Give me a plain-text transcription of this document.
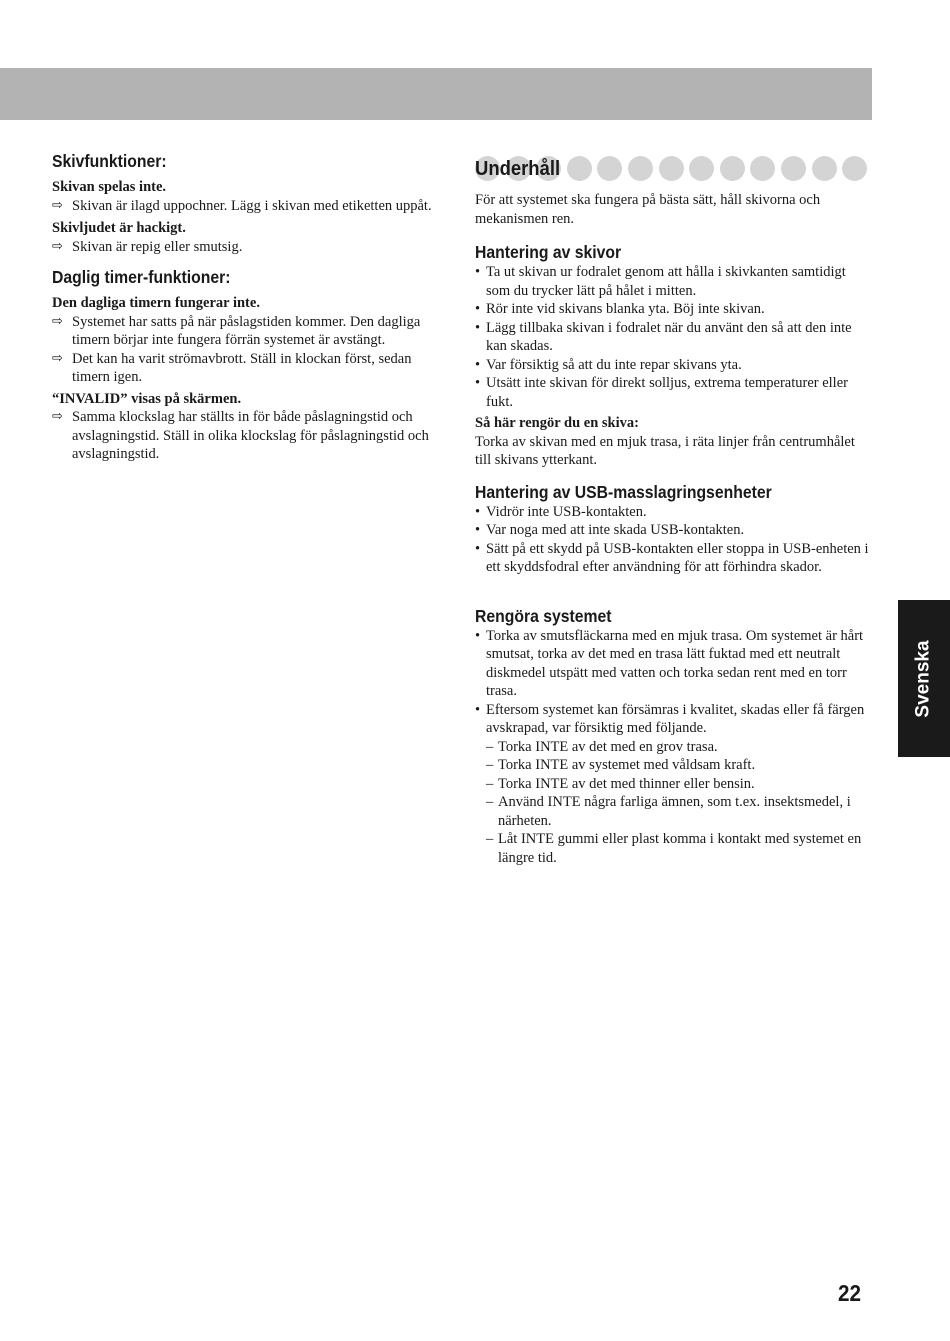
Skivfunktioner:

Skivan spelas inte.

⇨ Skivan är ilagd uppochner. Lägg i skivan med etiketten uppåt.

Skivljudet är hackigt.

⇨ Skivan är repig eller smutsig.
Daglig timer-funktioner:

Den dagliga timern fungerar inte.

⇨ Systemet har satts på när påslagstiden kommer. Den dagliga timern börjar inte fungera förrän systemet är avstängt.
⇨ Det kan ha varit strömavbrott. Ställ in klockan först, sedan timern igen.

“INVALID” visas på skärmen.

⇨ Samma klockslag har ställts in för både påslagningstid och avslagningstid. Ställ in olika klockslag för påslagningstid och avslagningstid.
Underhåll

För att systemet ska fungera på bästa sätt, håll skivorna och mekanismen ren.

Hantering av skivor
• Ta ut skivan ur fodralet genom att hålla i skivkanten samtidigt som du trycker lätt på hålet i mitten.
• Rör inte vid skivans blanka yta. Böj inte skivan.
• Lägg tillbaka skivan i fodralet när du använt den så att den inte kan skadas.
• Var försiktig så att du inte repar skivans yta.
• Utsätt inte skivan för direkt solljus, extrema temperaturer eller fukt.

Så här rengör du en skiva:

Torka av skivan med en mjuk trasa, i räta linjer från centrumhålet till skivans ytterkant.

Hantering av USB-masslagringsenheter
• Vidrör inte USB-kontakten.
• Var noga med att inte skada USB-kontakten.
• Sätt på ett skydd på USB-kontakten eller stoppa in USB-enheten i ett skyddsfodral efter användning för att förhindra skador.
Rengöra systemet
• Torka av smutsfläckarna med en mjuk trasa. Om systemet är hårt smutsat, torka av det med en trasa lätt fuktad med ett neutralt diskmedel utspätt med vatten och torka sedan rent med en torr trasa.
• Eftersom systemet kan försämras i kvalitet, skadas eller få färgen avskrapad, var försiktig med följande.
– Torka INTE av det med en grov trasa.
– Torka INTE av systemet med våldsam kraft.
– Torka INTE av det med thinner eller bensin.
– Använd INTE några farliga ämnen, som t.ex. insektsmedel, i närheten.
– Låt INTE gummi eller plast komma i kontakt med systemet en längre tid.
Svenska
22
